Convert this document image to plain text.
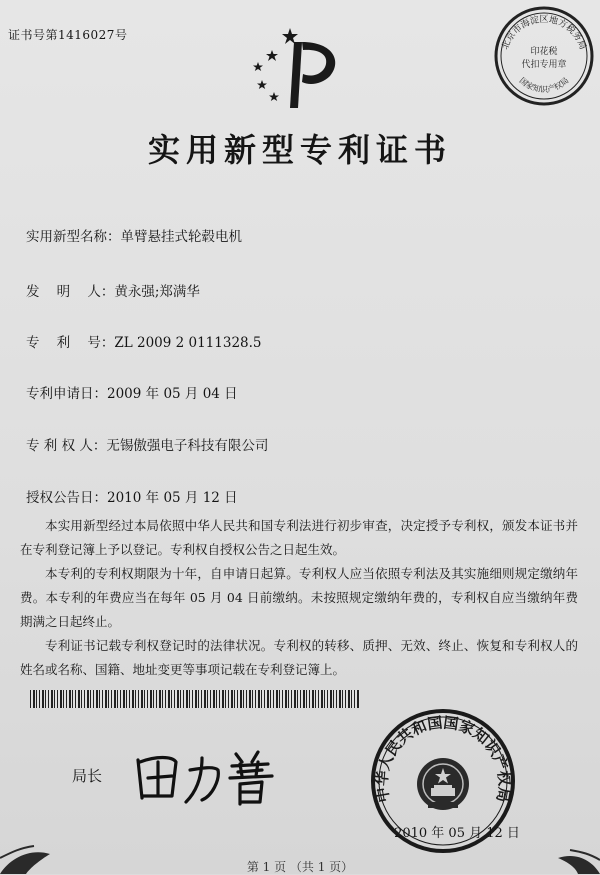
证书号第1416027号
北京市海淀区地方税务局
国家知识产权局
印花税
代扣专用章
实用新型专利证书
实用新型名称：单臂悬挂式轮毂电机
发    明    人：黄永强;郑满华
专    利    号：ZL 2009 2 0111328.5
专利申请日：2009 年 05 月 04 日
专 利 权 人：无锡傲强电子科技有限公司
授权公告日：2010 年 05 月 12 日

本实用新型经过本局依照中华人民共和国专利法进行初步审查，决定授予专利权，颁发本证书并在专利登记簿上予以登记。专利权自授权公告之日起生效。

本专利的专利权期限为十年，自申请日起算。专利权人应当依照专利法及其实施细则规定缴纳年费。本专利的年费应当在每年 05 月 04 日前缴纳。未按照规定缴纳年费的，专利权自应当缴纳年费期满之日起终止。

专利证书记载专利权登记时的法律状况。专利权的转移、质押、无效、终止、恢复和专利权人的姓名或名称、国籍、地址变更等事项记载在专利登记簿上。

局长
中华人民共和国国家知识产权局
2010 年 05 月 12 日
第 1 页 （共 1 页）
